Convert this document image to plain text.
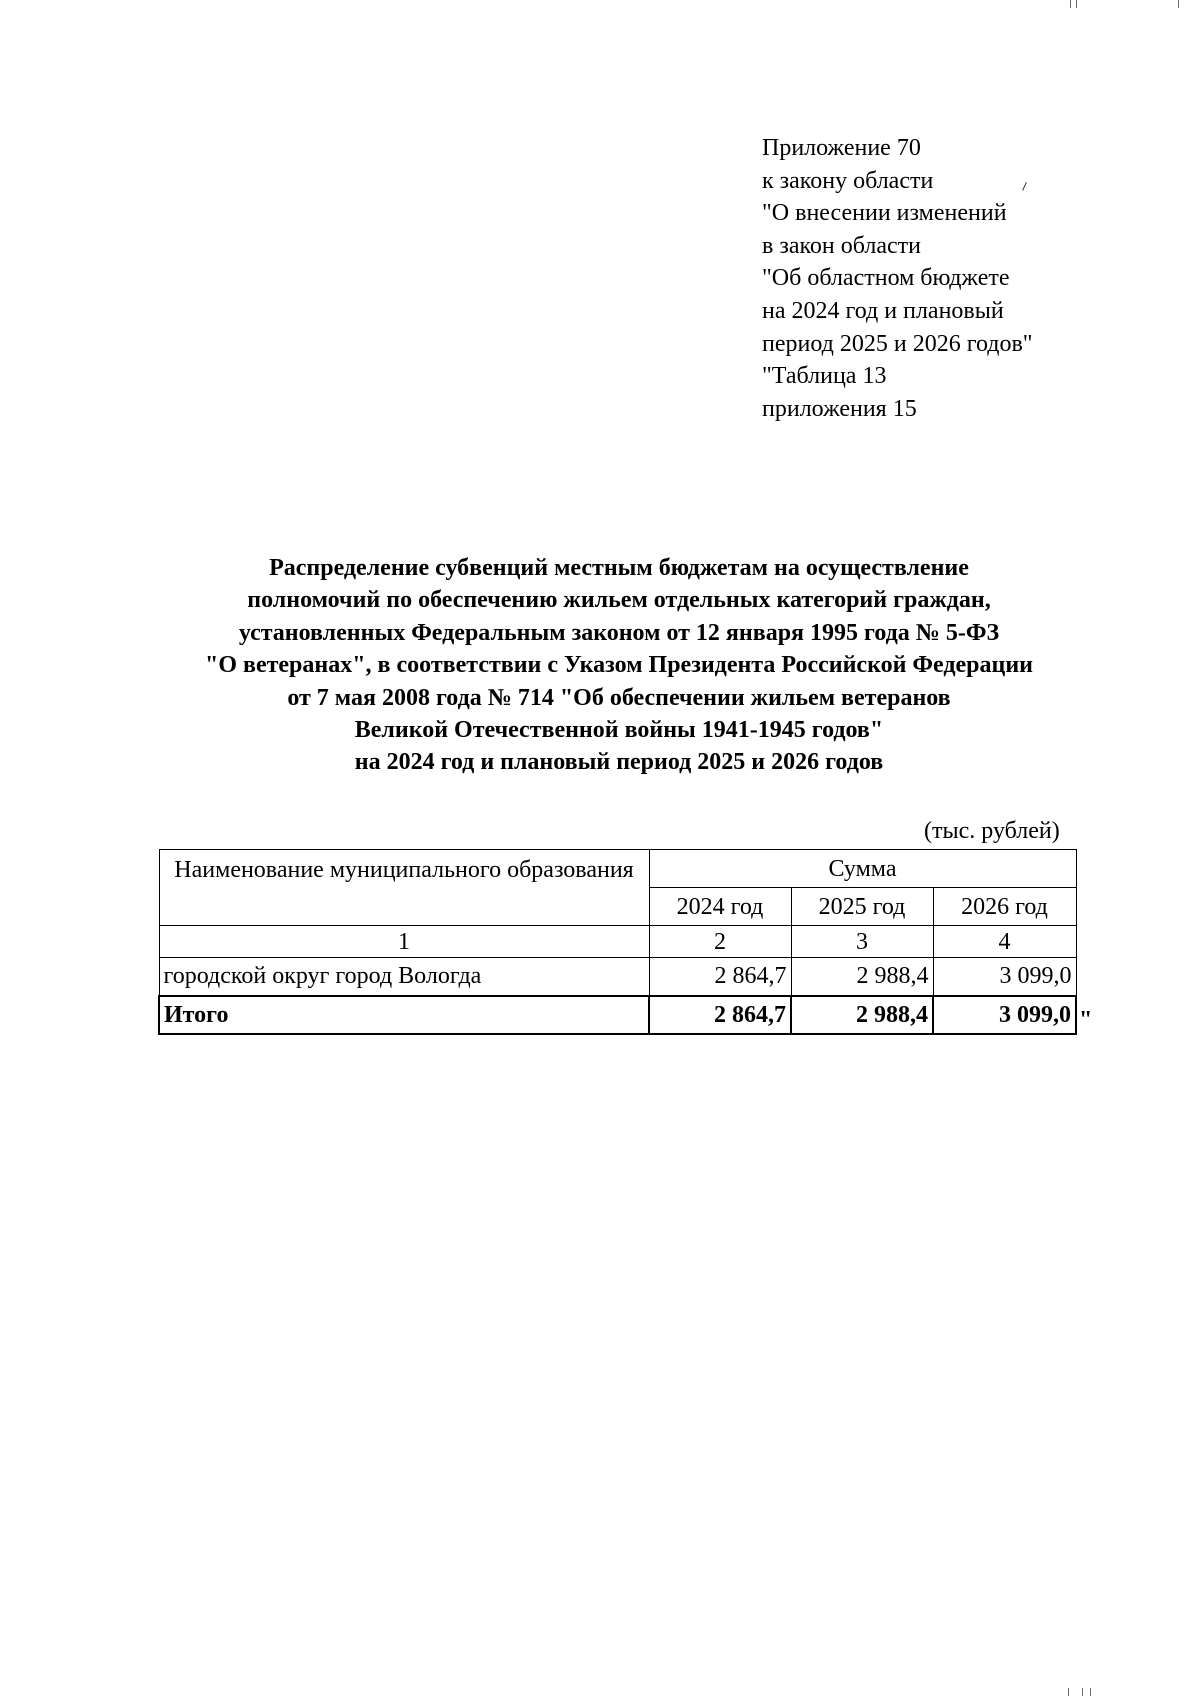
Приложение 70
к закону области
"О внесении изменений
в закон области
"Об областном бюджете
на 2024 год и плановый
период 2025 и 2026 годов"
"Таблица 13
приложения 15
Распределение субвенций местным бюджетам на осуществление
полномочий по обеспечению жильем отдельных категорий граждан,
установленных Федеральным законом от 12 января 1995 года № 5-ФЗ
"О ветеранах", в соответствии с Указом Президента Российской Федерации
от 7 мая 2008 года № 714 "Об обеспечении жильем ветеранов
Великой Отечественной войны 1941-1945 годов"
на 2024 год и плановый период 2025 и 2026 годов
(тыс. рублей)
Наименование муниципального образования	Сумма		
	2024 год	2025 год	2026 год
1	2	3	4
городской округ город Вологда	2 864,7	2 988,4	3 099,0
Итого	2 864,7	2 988,4	3 099,0 "
